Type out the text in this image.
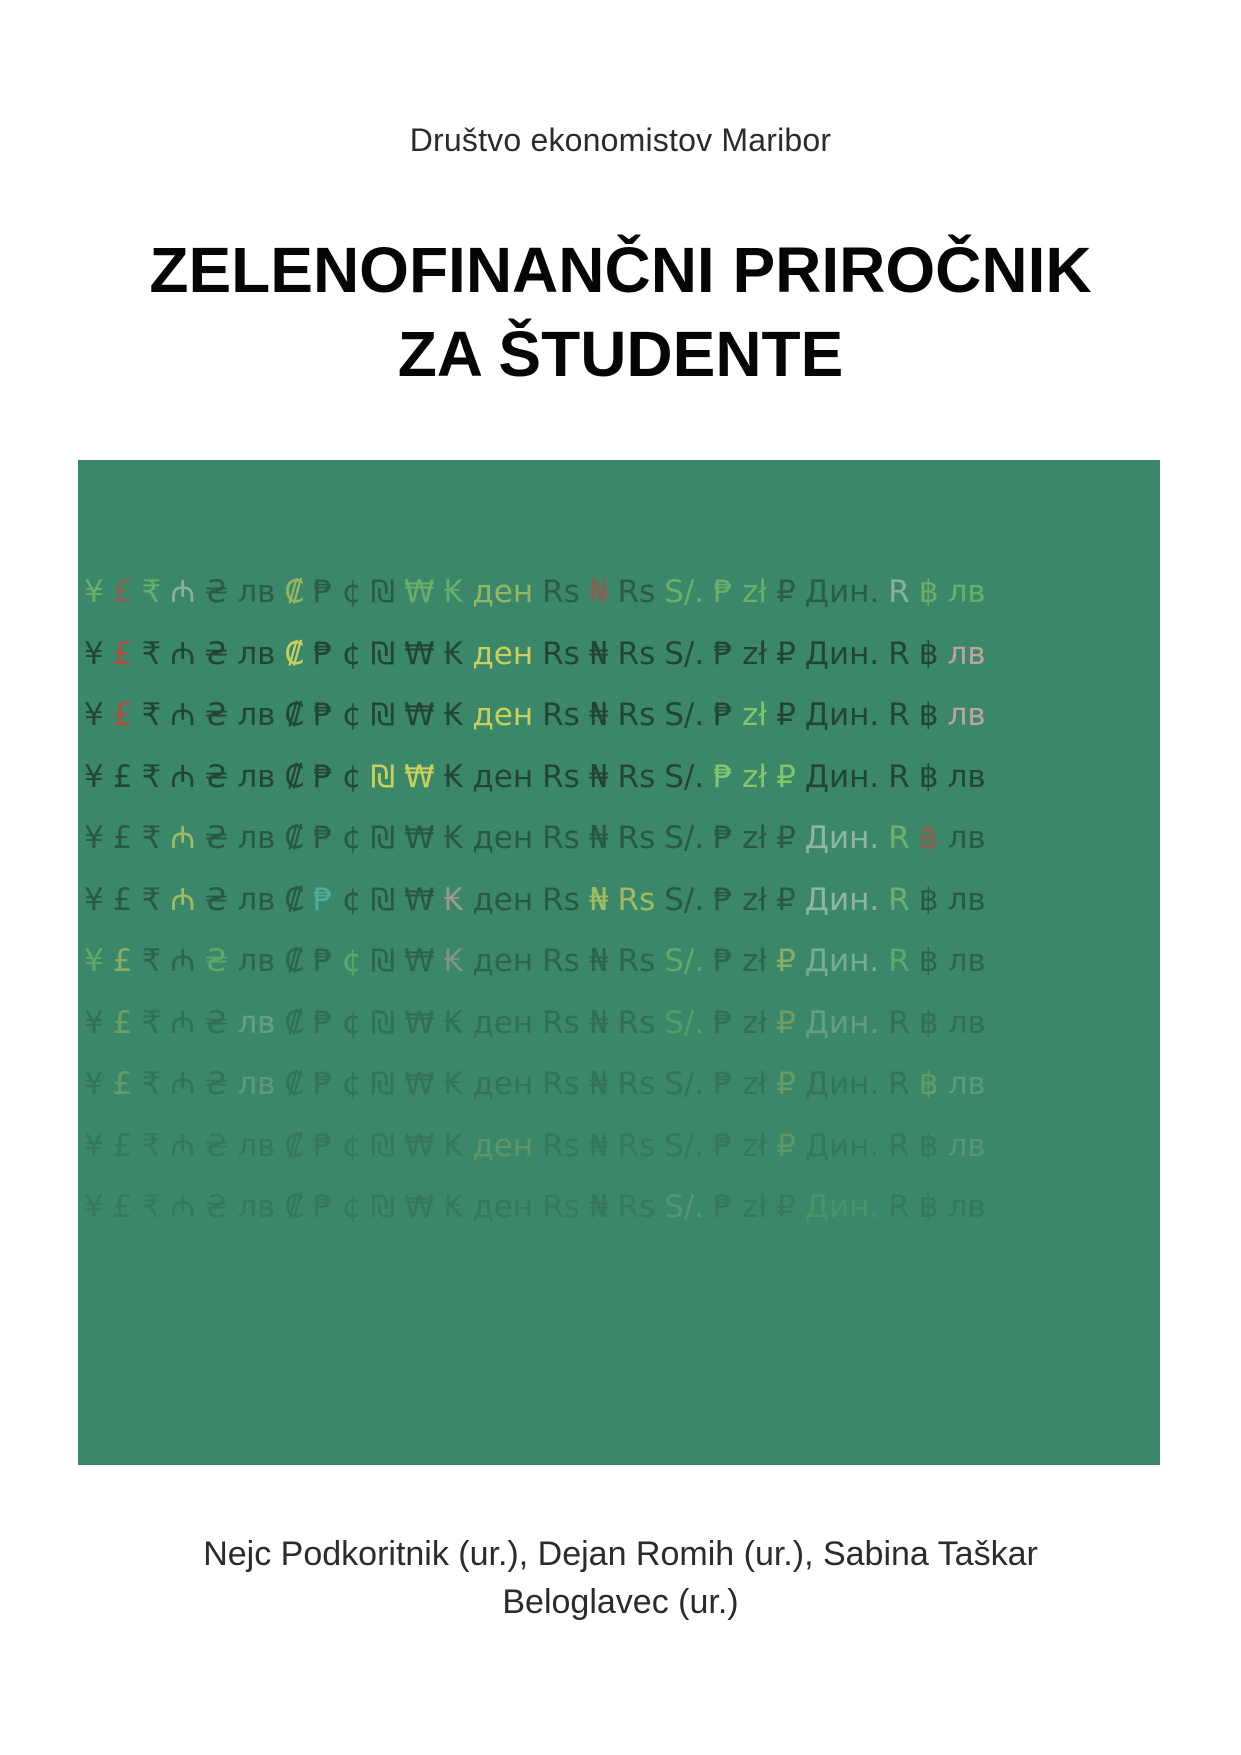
Društvo ekonomistov Maribor
ZELENOFINANČNI PRIROČNIK
ZA ŠTUDENTE
¥ £ ₹ ₼ ₴ лв ₡ ₱ ¢ ₪ ₩ ₭ ден Rs ₦ Rs S/. ₱ zł ₽ Дин. R ฿ лв
¥ £ ₹ ₼ ₴ лв ₡ ₱ ¢ ₪ ₩ ₭ ден Rs ₦ Rs S/. ₱ zł ₽ Дин. R ฿ лв
¥ £ ₹ ₼ ₴ лв ₡ ₱ ¢ ₪ ₩ ₭ ден Rs ₦ Rs S/. ₱ zł ₽ Дин. R ฿ лв
¥ £ ₹ ₼ ₴ лв ₡ ₱ ¢ ₪ ₩ ₭ ден Rs ₦ Rs S/. ₱ zł ₽ Дин. R ฿ лв
¥ £ ₹ ₼ ₴ лв ₡ ₱ ¢ ₪ ₩ ₭ ден Rs ₦ Rs S/. ₱ zł ₽ Дин. R ฿ лв
¥ £ ₹ ₼ ₴ лв ₡ ₱ ¢ ₪ ₩ ₭ ден Rs ₦ Rs S/. ₱ zł ₽ Дин. R ฿ лв
¥ £ ₹ ₼ ₴ лв ₡ ₱ ¢ ₪ ₩ ₭ ден Rs ₦ Rs S/. ₱ zł ₽ Дин. R ฿ лв
¥ £ ₹ ₼ ₴ лв ₡ ₱ ¢ ₪ ₩ ₭ ден Rs ₦ Rs S/. ₱ zł ₽ Дин. R ฿ лв
¥ £ ₹ ₼ ₴ лв ₡ ₱ ¢ ₪ ₩ ₭ ден Rs ₦ Rs S/. ₱ zł ₽ Дин. R ฿ лв
¥ £ ₹ ₼ ₴ лв ₡ ₱ ¢ ₪ ₩ ₭ ден Rs ₦ Rs S/. ₱ zł ₽ Дин. R ฿ лв
¥ £ ₹ ₼ ₴ лв ₡ ₱ ¢ ₪ ₩ ₭ ден Rs ₦ Rs S/. ₱ zł ₽ Дин. R ฿ лв
Nejc Podkoritnik (ur.), Dejan Romih (ur.), Sabina Taškar
Beloglavec (ur.)
